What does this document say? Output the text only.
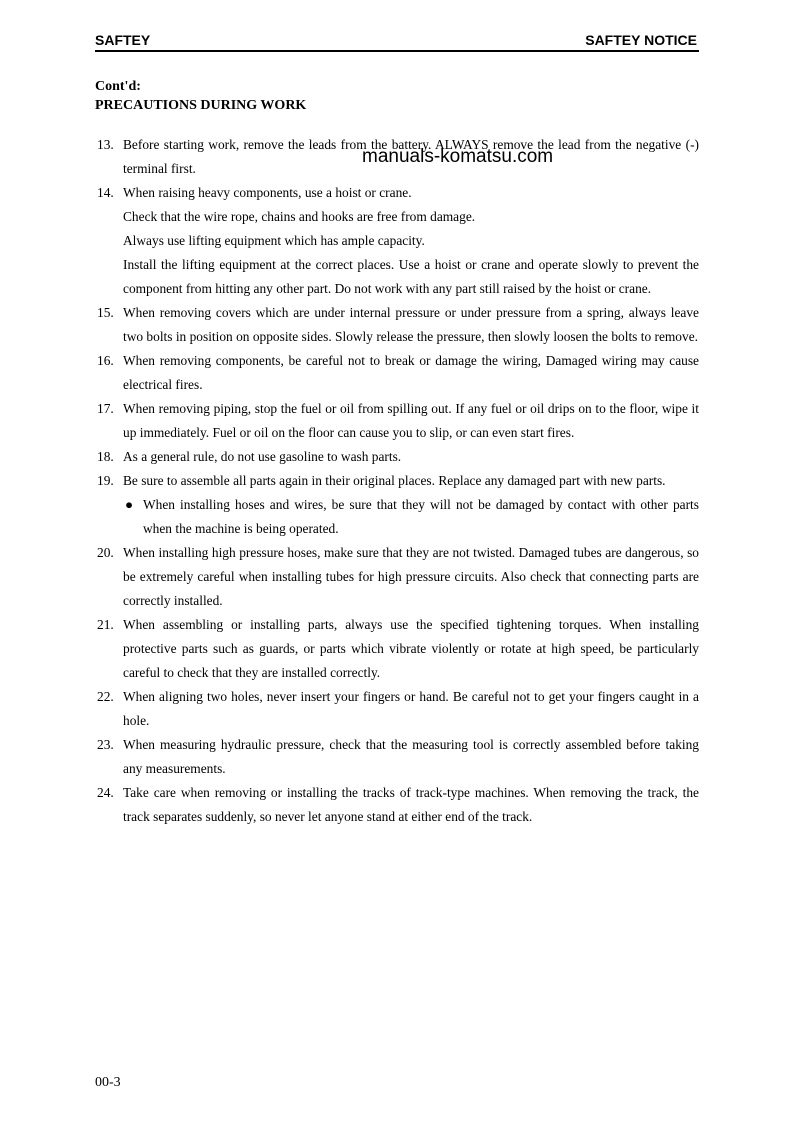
SAFTEY	SAFTEY NOTICE
Cont'd:
PRECAUTIONS DURING WORK
13. Before starting work, remove the leads from the battery. ALWAYS remove the lead from the negative (-) terminal first.
14. When raising heavy components, use a hoist or crane.
Check that the wire rope, chains and hooks are free from damage.
Always use lifting equipment which has ample capacity.
Install the lifting equipment at the correct places. Use a hoist or crane and operate slowly to prevent the component from hitting any other part. Do not work with any part still raised by the hoist or crane.
15. When removing covers which are under internal pressure or under pressure from a spring, always leave two bolts in position on opposite sides. Slowly release the pressure, then slowly loosen the bolts to remove.
16. When removing components, be careful not to break or damage the wiring, Damaged wiring may cause electrical fires.
17. When removing piping, stop the fuel or oil from spilling out. If any fuel or oil drips on to the floor, wipe it up immediately. Fuel or oil on the floor can cause you to slip, or can even start fires.
18. As a general rule, do not use gasoline to wash parts.
19. Be sure to assemble all parts again in their original places. Replace any damaged part with new parts.
● When installing hoses and wires, be sure that they will not be damaged by contact with other parts when the machine is being operated.
20. When installing high pressure hoses, make sure that they are not twisted. Damaged tubes are dangerous, so be extremely careful when installing tubes for high pressure circuits. Also check that connecting parts are correctly installed.
21. When assembling or installing parts, always use the specified tightening torques. When installing protective parts such as guards, or parts which vibrate violently or rotate at high speed, be particularly careful to check that they are installed correctly.
22. When aligning two holes, never insert your fingers or hand. Be careful not to get your fingers caught in a hole.
23. When measuring hydraulic pressure, check that the measuring tool is correctly assembled before taking any measurements.
24. Take care when removing or installing the tracks of track-type machines. When removing the track, the track separates suddenly, so never let anyone stand at either end of the track.
manuals-komatsu.com
00-3
